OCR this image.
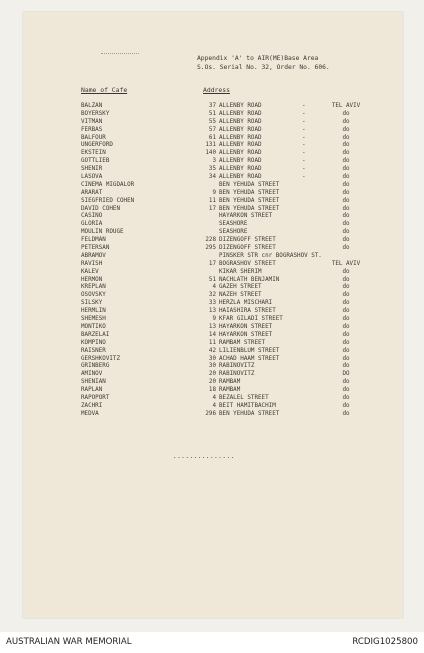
Appendix 'A' to AIR(ME)Base Area
S.Os. Serial No. 32, Order No. 606.
Name of Cafe	Address
BALZAN	37 ALLENBY ROAD	-	TEL AVIV
BOYERSKY	51 ALLENBY ROAD	-	do
VITMAN	55 ALLENBY ROAD	-	do
FERBAS	57 ALLENBY ROAD	-	do
BALFOUR	61 ALLENBY ROAD	-	do
UNGERFORD	131 ALLENBY ROAD	-	do
EKSTEIN	140 ALLENBY ROAD	-	do
GOTTLIEB	3 ALLENBY ROAD	-	do
SHENIR	35 ALLENBY ROAD	-	do
LASOVA	34 ALLENBY ROAD	-	do
CINEMA MIGDALOR	BEN YEHUDA STREET	do
ARARAT	9 BEN YEHUDA STREET	do
SIEGFRIED COHEN	11 BEN YEHUDA STREET	do
DAVID COHEN	17 BEN YEHUDA STREET	do
CASINO	HAYARKON STREET	do
GLORIA	SEASHORE	do
MOULIN ROUGE	SEASHORE	do
FELDMAN	228 DIZENGOFF STREET	do
PETERSAN	295 DIZENGOFF STREET	do
ABRAMOV	PINSKER STR cnr BOGRASHOV ST.
RAVISH	17 BOGRASHOV STREET	TEL AVIV
KALEV	KIKAR SHERIM	do
HERMON	51 NACHLATH BENJAMIN	do
KREPLAN	4 GAZEH STREET	do
OSOVSKY	32 NAZEH STREET	do
SILSKY	33 HERZLA MISCHARI	do
HERMLIN	13 HAIASHIRA STREET	do
SHEMESH	9 KFAR GILADI STREET	do
MONTIKO	13 HAYARKON STREET	do
BARZELAI	14 HAYARKON STREET	do
KOMPINO	11 RAMBAM STREET	do
RAISNER	42 LILIENBLUM STREET	do
GERSHKOVITZ	30 ACHAD HAAM STREET	do
GRINBERG	30 RABINOVITZ	do
AMINOV	20 RABINOVITZ	DO
SHENIAN	20 RAMBAM	do
RAPLAN	18 RAMBAM	do
RAPOPORT	4 BEZALEL STREET	do
ZACHRI	4 BEIT HAMITBACHIM	do
MEDVA	296 BEN YEHUDA STREET	do
...............
AUSTRALIAN WAR MEMORIAL	RCDIG1025800
